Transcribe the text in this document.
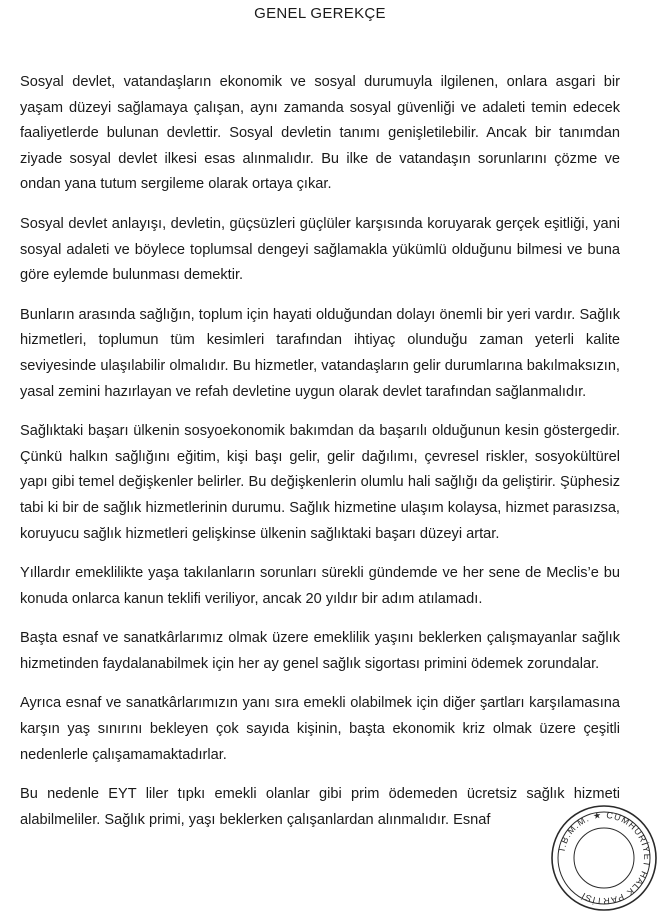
GENEL GEREKÇE

Sosyal devlet, vatandaşların ekonomik ve sosyal durumuyla ilgilenen, onlara asgari bir yaşam düzeyi sağlamaya çalışan, aynı zamanda sosyal güvenliği ve adaleti temin edecek faaliyetlerde bulunan devlettir. Sosyal devletin tanımı genişletilebilir. Ancak bir tanımdan ziyade sosyal devlet ilkesi esas alınmalıdır. Bu ilke de vatandaşın sorunlarını çözme ve ondan yana tutum sergileme olarak ortaya çıkar.

Sosyal devlet anlayışı, devletin, güçsüzleri güçlüler karşısında koruyarak gerçek eşitliği, yani sosyal adaleti ve böylece toplumsal dengeyi sağlamakla yükümlü olduğunu bilmesi ve buna göre eylemde bulunması demektir.

Bunların arasında sağlığın, toplum için hayati olduğundan dolayı önemli bir yeri vardır. Sağlık hizmetleri, toplumun tüm kesimleri tarafından ihtiyaç olunduğu zaman yeterli kalite seviyesinde ulaşılabilir olmalıdır. Bu hizmetler, vatandaşların gelir durumlarına bakılmaksızın, yasal zemini hazırlayan ve refah devletine uygun olarak devlet tarafından sağlanmalıdır.

Sağlıktaki başarı ülkenin sosyoekonomik bakımdan da başarılı olduğunun kesin göstergedir. Çünkü halkın sağlığını eğitim, kişi başı gelir, gelir dağılımı, çevresel riskler, sosyokültürel yapı gibi temel değişkenler belirler. Bu değişkenlerin olumlu hali sağlığı da geliştirir. Şüphesiz tabi ki bir de sağlık hizmetlerinin durumu. Sağlık hizmetine ulaşım kolaysa, hizmet parasızsa, koruyucu sağlık hizmetleri gelişkinse ülkenin sağlıktaki başarı düzeyi artar.

Yıllardır emeklilikte yaşa takılanların sorunları sürekli gündemde ve her sene de Meclis’e bu konuda onlarca kanun teklifi veriliyor, ancak 20 yıldır bir adım atılamadı.

Başta esnaf ve sanatkârlarımız olmak üzere emeklilik yaşını beklerken çalışmayanlar sağlık hizmetinden faydalanabilmek için her ay genel sağlık sigortası primini ödemek zorundalar.

Ayrıca esnaf ve sanatkârlarımızın yanı sıra emekli olabilmek için diğer şartları karşılamasına karşın yaş sınırını bekleyen çok sayıda kişinin, başta ekonomik kriz olmak üzere çeşitli nedenlerle çalışamamaktadırlar.

Bu nedenle EYT liler tıpkı emekli olanlar gibi prim ödemeden ücretsiz sağlık hizmeti alabilmeliler. Sağlık primi, yaşı beklerken çalışanlardan alınmalıdır. Esnaf

T.B.M.M. ★ CUMHURİYET HALK PARTİSİ
